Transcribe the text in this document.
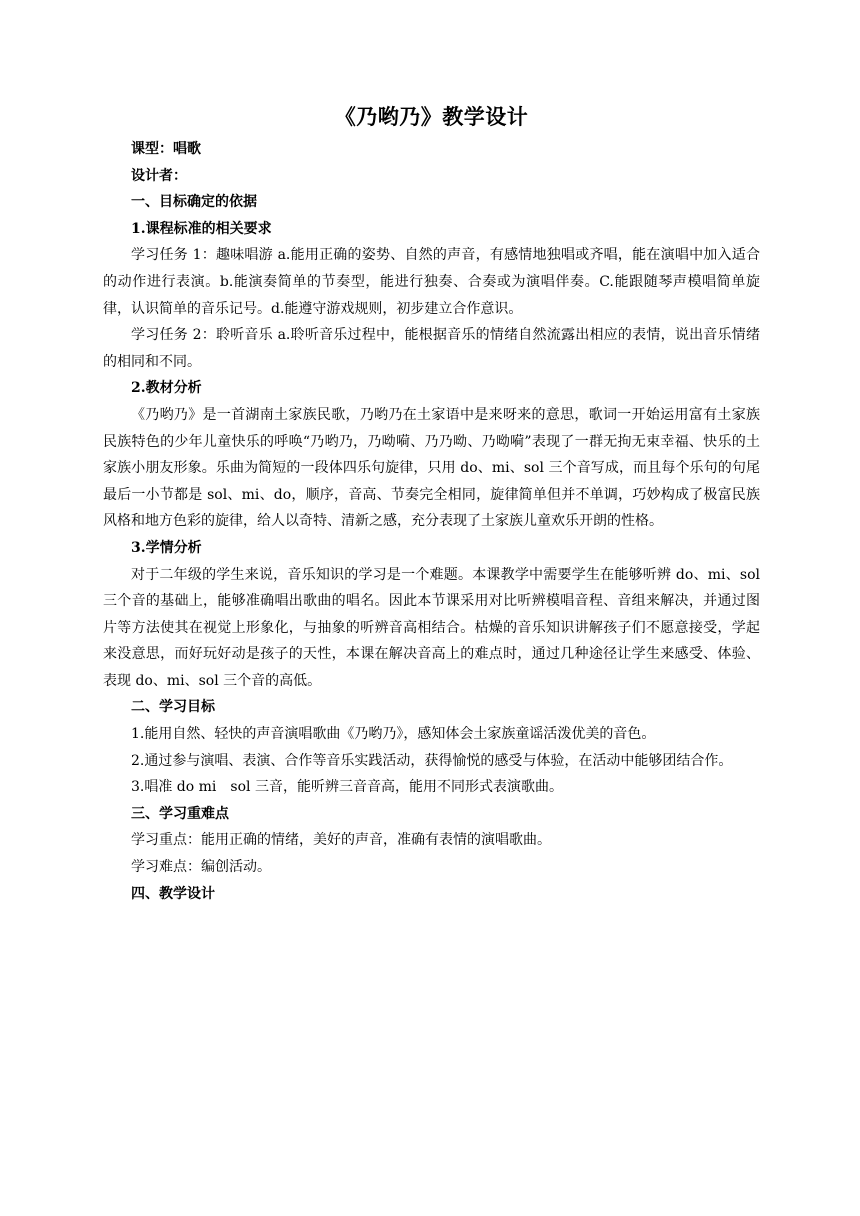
《乃哟乃》教学设计

课型：唱歌

设计者：

一、目标确定的依据

1.课程标准的相关要求

学习任务 1：趣味唱游 a.能用正确的姿势、自然的声音，有感情地独唱或齐唱，能在演唱中加入适合的动作进行表演。b.能演奏简单的节奏型，能进行独奏、合奏或为演唱伴奏。C.能跟随琴声模唱简单旋律，认识简单的音乐记号。d.能遵守游戏规则，初步建立合作意识。

学习任务 2：聆听音乐 a.聆听音乐过程中，能根据音乐的情绪自然流露出相应的表情，说出音乐情绪的相同和不同。

2.教材分析

《乃哟乃》是一首湖南土家族民歌，乃哟乃在土家语中是来呀来的意思，歌词一开始运用富有土家族民族特色的少年儿童快乐的呼唤“乃哟乃，乃呦嗬、乃乃呦、乃呦嗬”表现了一群无拘无束幸福、快乐的土家族小朋友形象。乐曲为简短的一段体四乐句旋律，只用 do、mi、sol 三个音写成，而且每个乐句的句尾最后一小节都是 sol、mi、do，顺序，音高、节奏完全相同，旋律简单但并不单调，巧妙构成了极富民族风格和地方色彩的旋律，给人以奇特、清新之感，充分表现了土家族儿童欢乐开朗的性格。

3.学情分析

对于二年级的学生来说，音乐知识的学习是一个难题。本课教学中需要学生在能够听辨 do、mi、sol 三个音的基础上，能够准确唱出歌曲的唱名。因此本节课采用对比听辨模唱音程、音组来解决，并通过图片等方法使其在视觉上形象化，与抽象的听辨音高相结合。枯燥的音乐知识讲解孩子们不愿意接受，学起来没意思，而好玩好动是孩子的天性，本课在解决音高上的难点时，通过几种途径让学生来感受、体验、表现 do、mi、sol 三个音的高低。

二、学习目标

1.能用自然、轻快的声音演唱歌曲《乃哟乃》，感知体会土家族童谣活泼优美的音色。

2.通过参与演唱、表演、合作等音乐实践活动，获得愉悦的感受与体验，在活动中能够团结合作。

3.唱准 do mi　sol 三音，能听辨三音音高，能用不同形式表演歌曲。

三、学习重难点

学习重点：能用正确的情绪，美好的声音，准确有表情的演唱歌曲。

学习难点：编创活动。

四、教学设计
